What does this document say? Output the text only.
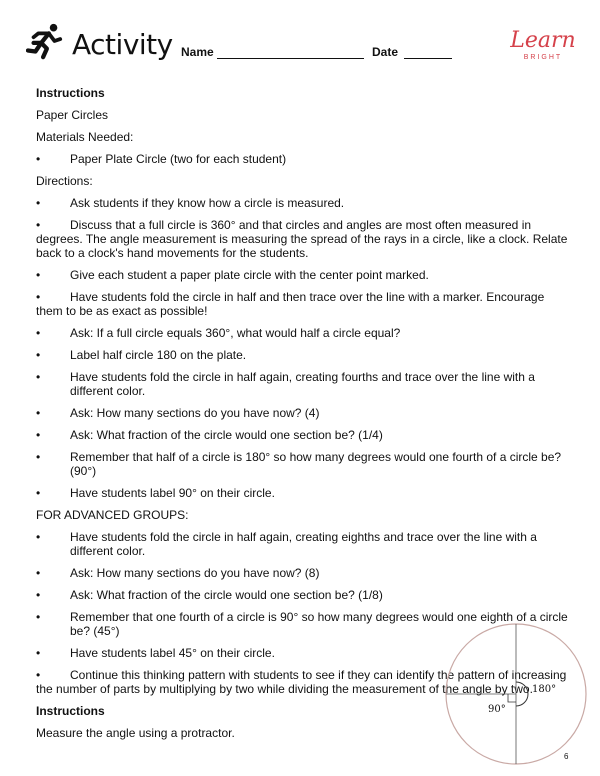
Activity Name	Date	Learn
BRIGHT
Instructions
Paper Circles
Materials Needed:
• Paper Plate Circle (two for each student)
Directions:
• Ask students if they know how a circle is measured.
• Discuss that a full circle is 360° and that circles and angles are most often measured in degrees. The angle measurement is measuring the spread of the rays in a circle, like a clock. Relate back to a clock's hand movements for the students.
• Give each student a paper plate circle with the center point marked.
• Have students fold the circle in half and then trace over the line with a marker. Encourage them to be as exact as possible!
• Ask: If a full circle equals 360°, what would half a circle equal?
• Label half circle 180 on the plate.
• Have students fold the circle in half again, creating fourths and trace over the line with a different color.
• Ask: How many sections do you have now? (4)
• Ask: What fraction of the circle would one section be? (1/4)
• Remember that half of a circle is 180° so how many degrees would one fourth of a circle be? (90°)
• Have students label 90° on their circle.
FOR ADVANCED GROUPS:
• Have students fold the circle in half again, creating eighths and trace over the line with a different color.
• Ask: How many sections do you have now? (8)
• Ask: What fraction of the circle would one section be? (1/8)
• Remember that one fourth of a circle is 90° so how many degrees would one eighth of a circle be? (45°)
• Have students label 45° on their circle.
• Continue this thinking pattern with students to see if they can identify the pattern of increasing the number of parts by multiplying by two while dividing the measurement of the angle by two.
Instructions
Measure the angle using a protractor.
180°
90°
6
